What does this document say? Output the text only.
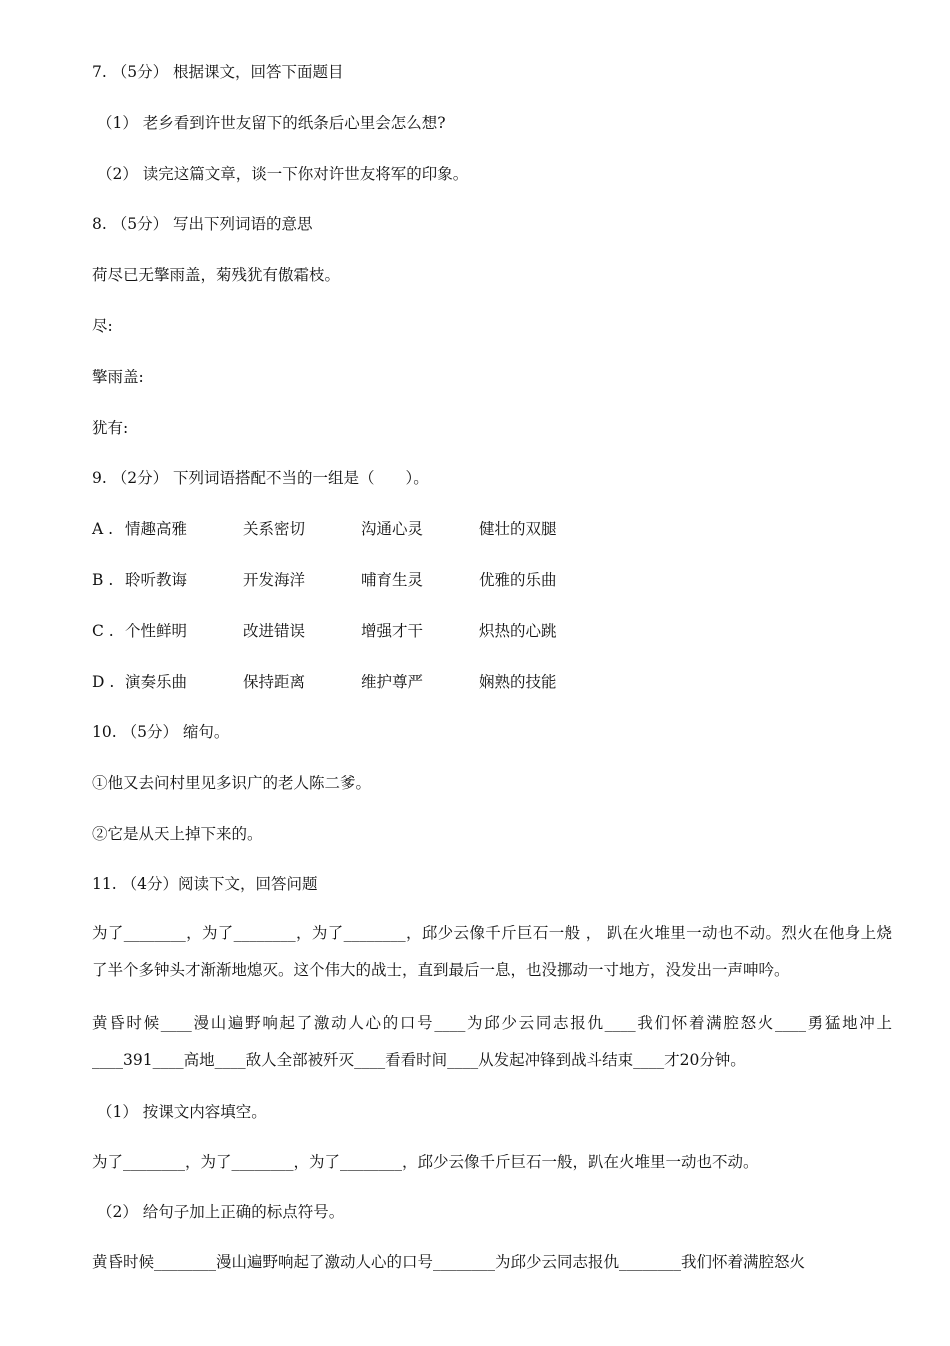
7. （5分） 根据课文，回答下面题目
（1） 老乡看到许世友留下的纸条后心里会怎么想?
（2） 读完这篇文章，谈一下你对许世友将军的印象。
8. （5分） 写出下列词语的意思
荷尽已无擎雨盖，菊残犹有傲霜枝。
尽:
擎雨盖:
犹有:
9. （2分） 下列词语搭配不当的一组是（　　）。
A . 情趣高雅	关系密切	沟通心灵	健壮的双腿
B . 聆听教诲	开发海洋	哺育生灵	优雅的乐曲
C . 个性鲜明	改进错误	增强才干	炽热的心跳
D . 演奏乐曲	保持距离	维护尊严	娴熟的技能
10. （5分） 缩句。
①他又去问村里见多识广的老人陈二爹。
②它是从天上掉下来的。
11. （4分）阅读下文，回答问题
为了________，为了________，为了________，邱少云像千斤巨石一般 ， 趴在火堆里一动也不动。烈火在他身上烧了半个多钟头才渐渐地熄灭。这个伟大的战士，直到最后一息，也没挪动一寸地方，没发出一声呻吟。
黄昏时候____漫山遍野响起了激动人心的口号____为邱少云同志报仇____我们怀着满腔怒火____勇猛地冲上____391____高地____敌人全部被歼灭____看看时间____从发起冲锋到战斗结束____才20分钟。
（1） 按课文内容填空。
为了________，为了________，为了________，邱少云像千斤巨石一般，趴在火堆里一动也不动。
（2） 给句子加上正确的标点符号。
黄昏时候________漫山遍野响起了激动人心的口号________为邱少云同志报仇________我们怀着满腔怒火
